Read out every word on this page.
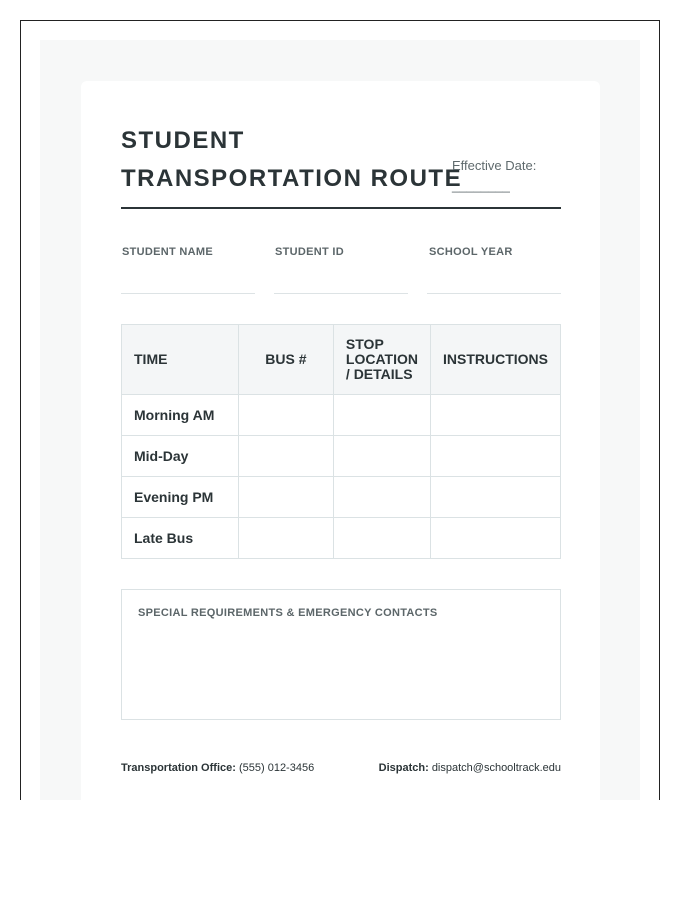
STUDENT
TRANSPORTATION ROUTE
Effective Date:
________
STUDENT NAME	STUDENT ID	SCHOOL YEAR
TIME	BUS #	STOP LOCATION / DETAILS	INSTRUCTIONS
Morning AM			
Mid-Day			
Evening PM			
Late Bus			
SPECIAL REQUIREMENTS & EMERGENCY CONTACTS
Transportation Office: (555) 012-3456	Dispatch: dispatch@schooltrack.edu
